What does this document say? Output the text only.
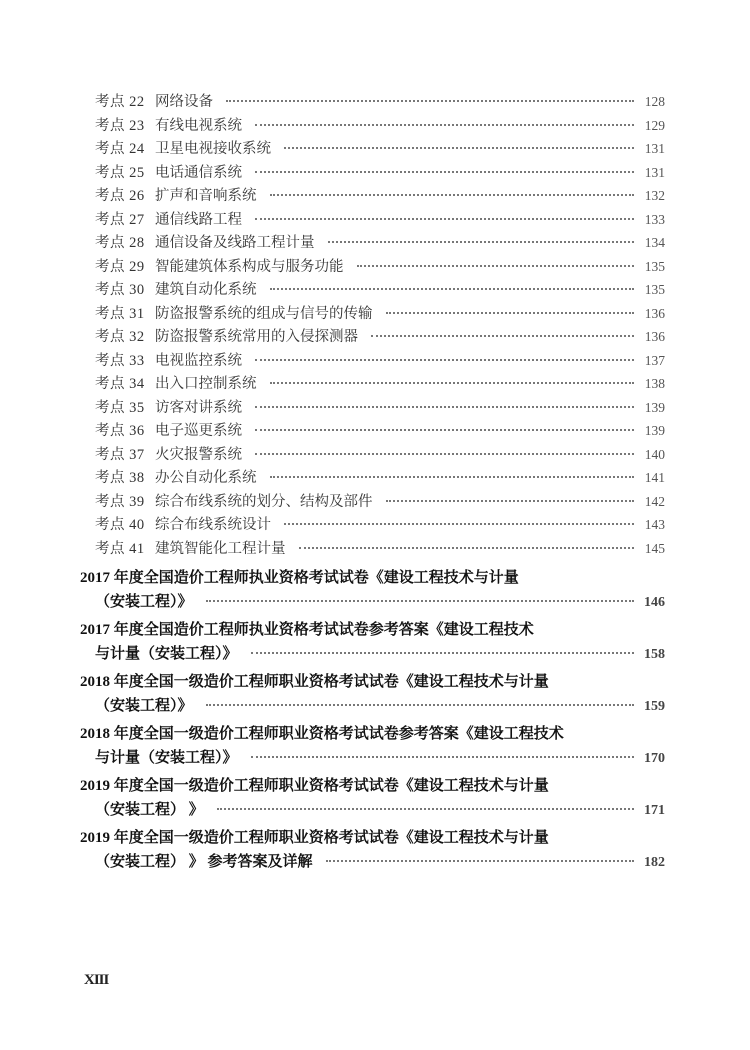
考点 22 网络设备	128
考点 23 有线电视系统	129
考点 24 卫星电视接收系统	131
考点 25 电话通信系统	131
考点 26 扩声和音响系统	132
考点 27 通信线路工程	133
考点 28 通信设备及线路工程计量	134
考点 29 智能建筑体系构成与服务功能	135
考点 30 建筑自动化系统	135
考点 31 防盗报警系统的组成与信号的传输	136
考点 32 防盗报警系统常用的入侵探测器	136
考点 33 电视监控系统	137
考点 34 出入口控制系统	138
考点 35 访客对讲系统	139
考点 36 电子巡更系统	139
考点 37 火灾报警系统	140
考点 38 办公自动化系统	141
考点 39 综合布线系统的划分、结构及部件	142
考点 40 综合布线系统设计	143
考点 41 建筑智能化工程计量	145
2017 年度全国造价工程师执业资格考试试卷《建设工程技术与计量
（安装工程）》	146
2017 年度全国造价工程师执业资格考试试卷参考答案《建设工程技术
与计量（安装工程）》	158
2018 年度全国一级造价工程师职业资格考试试卷《建设工程技术与计量
（安装工程）》	159
2018 年度全国一级造价工程师职业资格考试试卷参考答案《建设工程技术
与计量（安装工程）》	170
2019 年度全国一级造价工程师职业资格考试试卷《建设工程技术与计量
（安装工程） 》	171
2019 年度全国一级造价工程师职业资格考试试卷《建设工程技术与计量
（安装工程） 》 参考答案及详解	182
XIII
